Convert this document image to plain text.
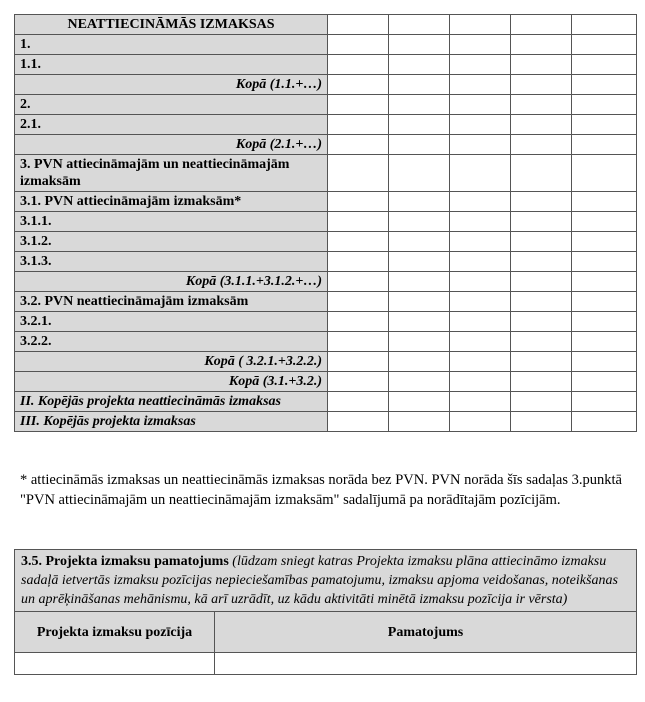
NEATTIECINĀMĀS IZMAKSAS					
1.					
1.1.					
Kopā (1.1.+…)					
2.					
2.1.					
Kopā (2.1.+…)					
3. PVN attiecināmajām un neattiecināmajām izmaksām					
3.1. PVN attiecināmajām izmaksām*					
3.1.1.					
3.1.2.					
3.1.3.					
Kopā (3.1.1.+3.1.2.+…)					
3.2. PVN neattiecināmajām izmaksām					
3.2.1.					
3.2.2.					
Kopā ( 3.2.1.+3.2.2.)					
Kopā (3.1.+3.2.)					
II. Kopējās projekta neattiecināmās izmaksas					
III. Kopējās projekta izmaksas					

* attiecināmās izmaksas un neattiecināmās izmaksas norāda bez PVN. PVN norāda šīs sadaļas 3.punktā "PVN attiecināmajām un neattiecināmajām izmaksām" sadalījumā pa norādītajām pozīcijām.

3.5. Projekta izmaksu pamatojums (lūdzam sniegt katras Projekta izmaksu plāna attiecināmo izmaksu sadaļā ietvertās izmaksu pozīcijas nepieciešamības pamatojumu, izmaksu apjoma veidošanas, noteikšanas un aprēķināšanas mehānismu, kā arī uzrādīt, uz kādu aktivitāti minētā izmaksu pozīcija ir vērsta)	
Projekta izmaksu pozīcija	Pamatojums
